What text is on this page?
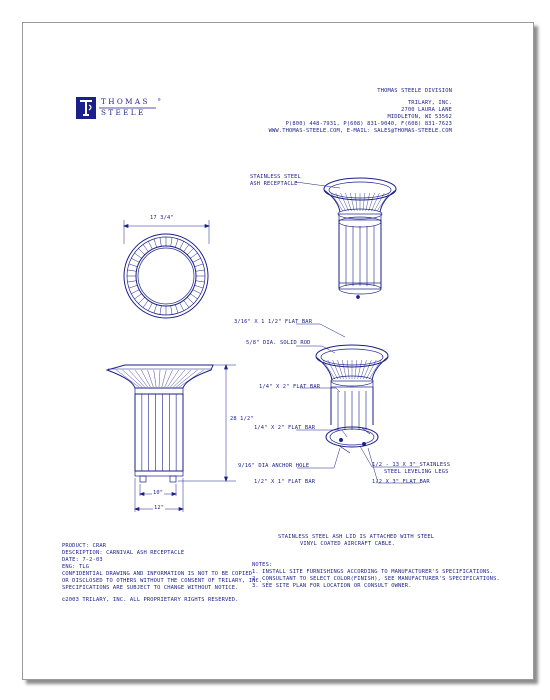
THOMAS
STEELE
®
THOMAS STEELE DIVISION
TRILARY, INC.
2700 LAURA LANE
MIDDLETON, WI 53562
P(800) 448-7931, P(608) 831-9040, F(608) 831-7623
WWW.THOMAS-STEELE.COM, E-MAIL: SALES@THOMAS-STEELE.COM
17 3/4"
28 1/2"
10"
12"
STAINLESS STEEL
ASH RECEPTACLE
3/16" X 1 1/2" FLAT BAR
5/8" DIA. SOLID ROD
1/4" X 2" FLAT BAR
1/4" X 2" FLAT BAR
9/16" DIA ANCHOR HOLE
1/2" X 1" FLAT BAR
1/2 - 13 X 3" STAINLESS
STEEL LEVELING LEGS
1/2 X 3" FLAT BAR
STAINLESS STEEL ASH LID IS ATTACHED WITH STEEL
VINYL COATED AIRCRAFT CABLE.
PRODUCT: CRAR
DESCRIPTION: CARNIVAL ASH RECEPTACLE
DATE: 7-2-03
ENG: TLG
CONFIDENTIAL DRAWING AND INFORMATION IS NOT TO BE COPIED
OR DISCLOSED TO OTHERS WITHOUT THE CONSENT OF TRILARY, INC. .
SPECIFICATIONS ARE SUBJECT TO CHANGE WITHOUT NOTICE.
©2003 TRILARY, INC. ALL PROPRIETARY RIGHTS RESERVED.
NOTES:
1. INSTALL SITE FURNISHINGS ACCORDING TO MANUFACTURER'S SPECIFICATIONS.
2. CONSULTANT TO SELECT COLOR(FINISH), SEE MANUFACTURER'S SPECIFICATIONS.
3. SEE SITE PLAN FOR LOCATION OR CONSULT OWNER.
